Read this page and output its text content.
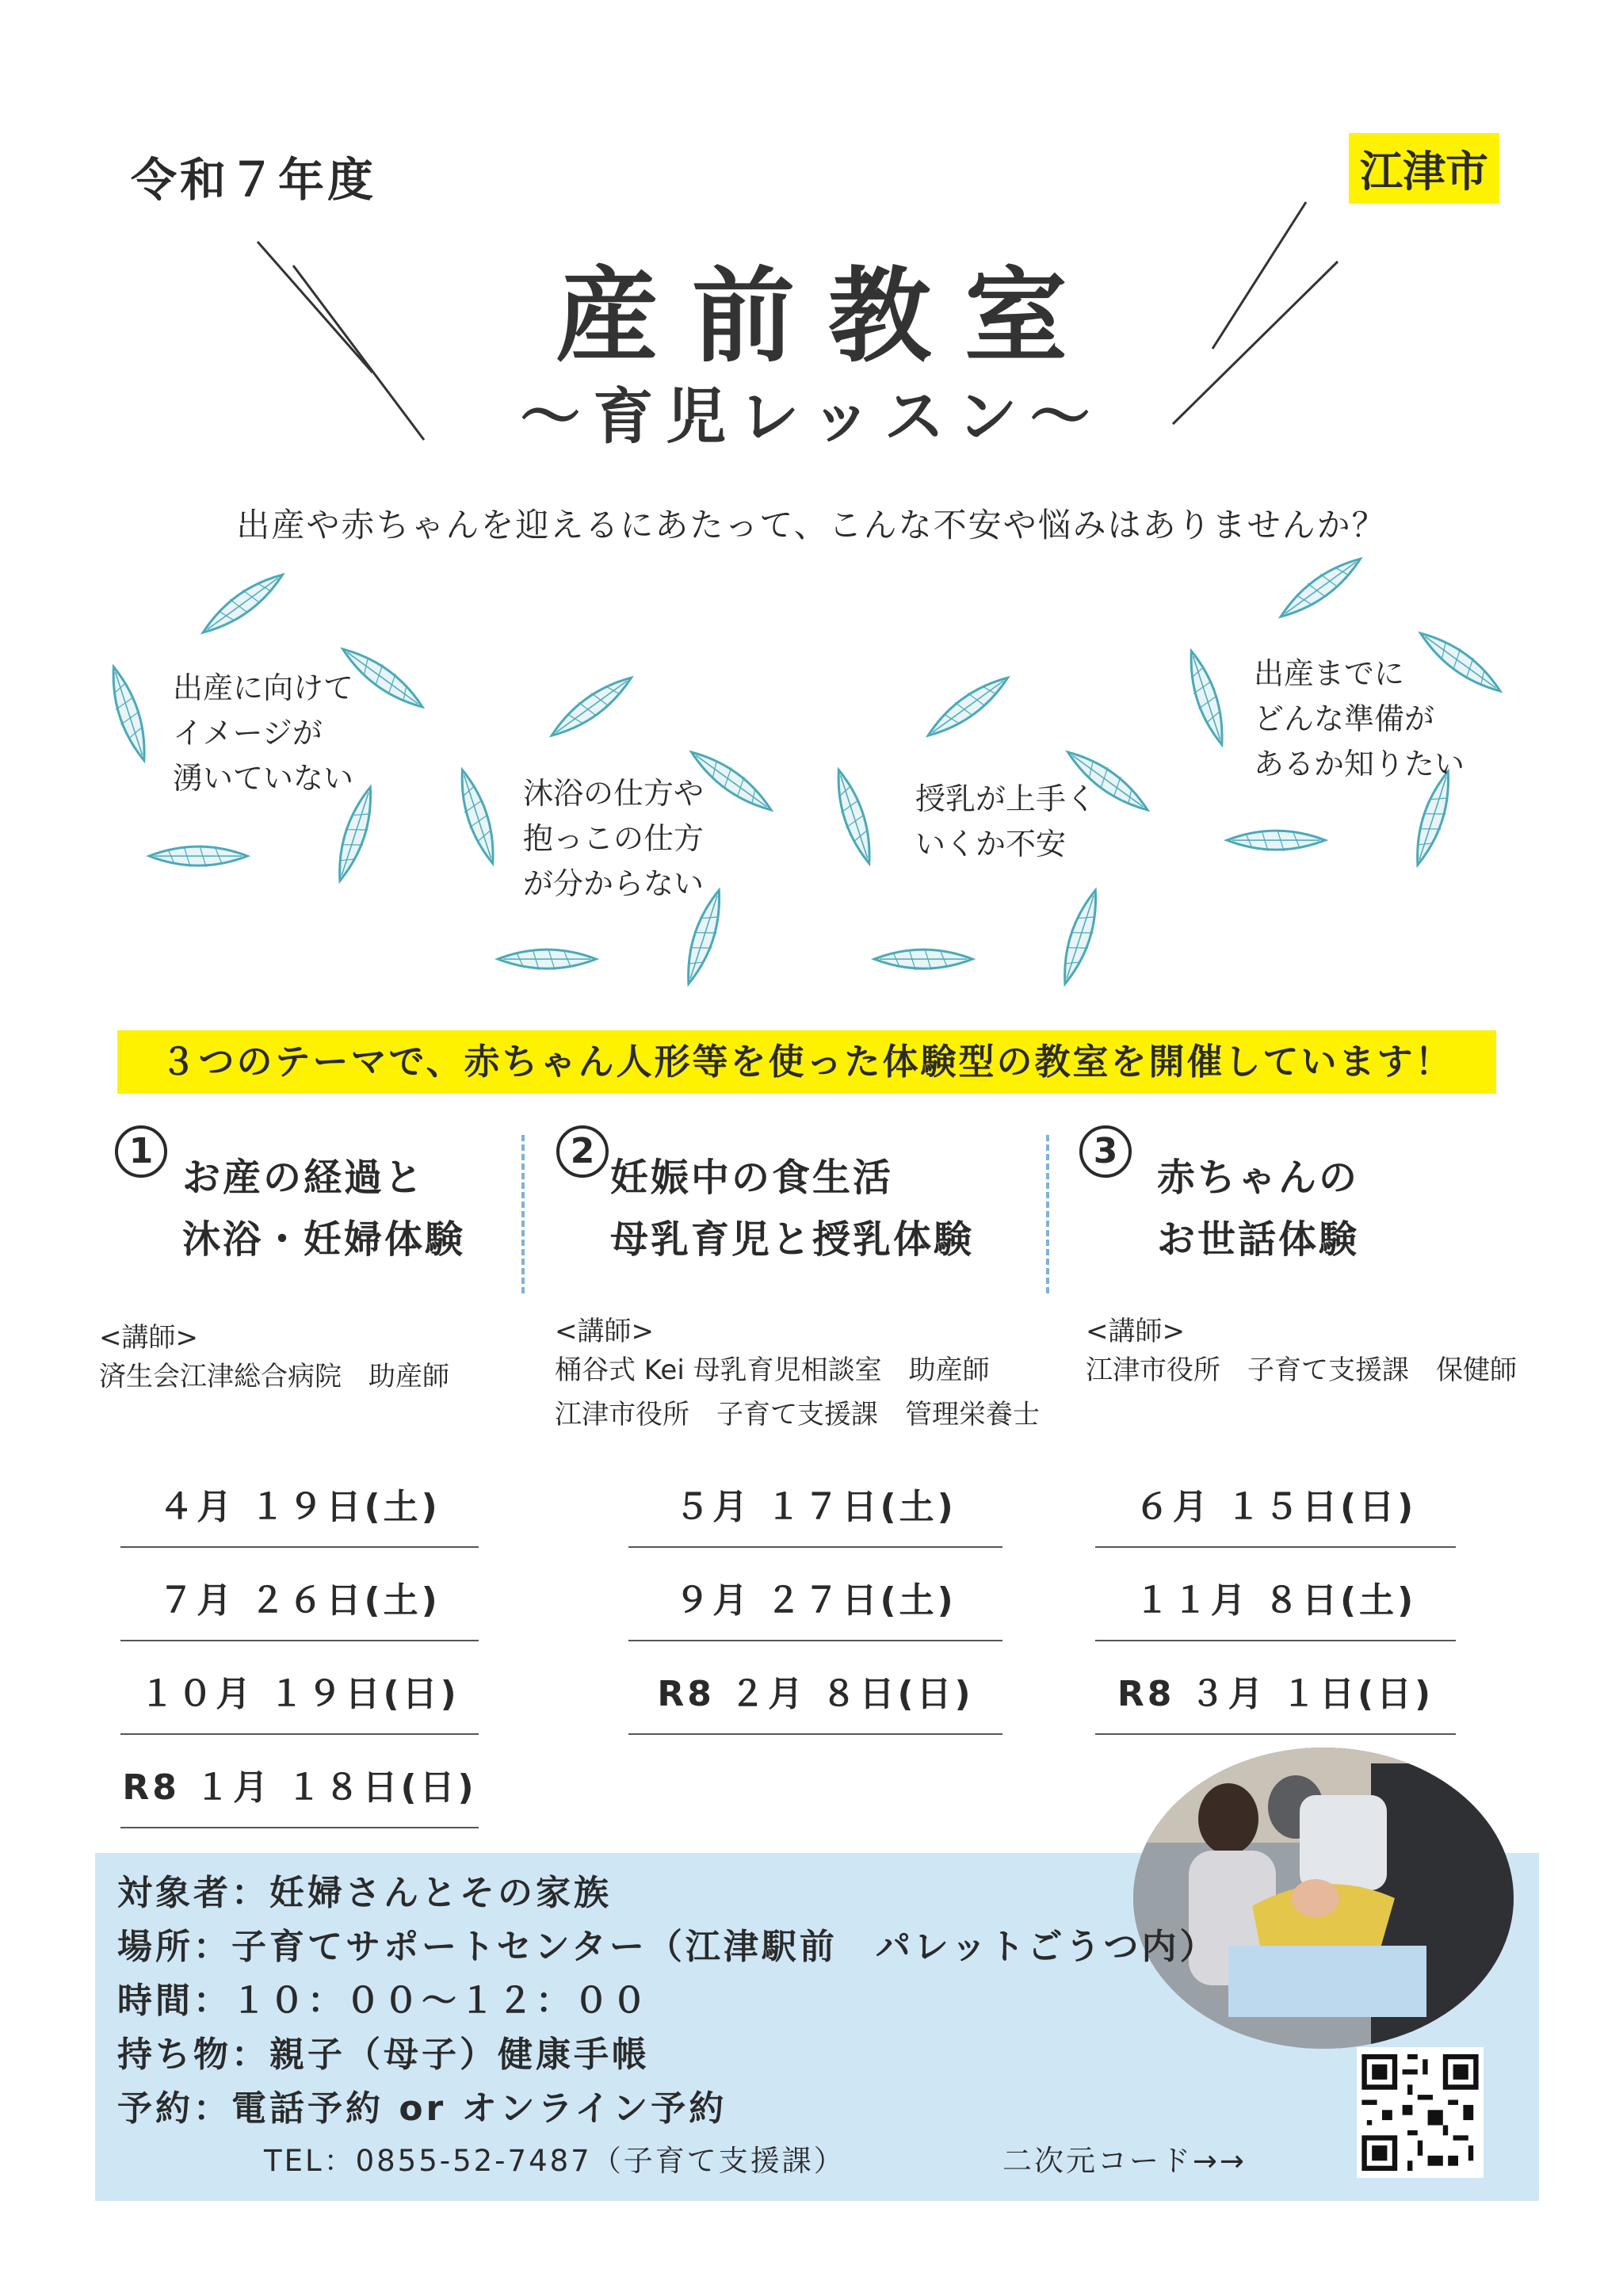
令和７年度	江津市
産前教室
～育児レッスン～
出産や赤ちゃんを迎えるにあたって、こんな不安や悩みはありませんか？
出産に向けて
イメージが
湧いていない	沐浴の仕方や
抱っこの仕方
が分からない
授乳が上手く
いくか不安
出産までに
どんな準備が
あるか知りたい
３つのテーマで、赤ちゃん人形等を使った体験型の教室を開催しています！
1
お産の経過と
沐浴・妊婦体験
2
妊娠中の食生活
母乳育児と授乳体験
3
赤ちゃんの
お世話体験
<講師>
済生会江津総合病院　助産師
<講師>
桶谷式 Kei 母乳育児相談室　助産師
江津市役所　子育て支援課　管理栄養士
<講師>
江津市役所　子育て支援課　保健師
４月 １９日(土)
７月 ２６日(土)
１０月 １９日(日)
R8 １月 １８日(日)
５月 １７日(土)
９月 ２７日(土)
R8 ２月 ８日(日)
６月 １５日(日)
１１月 ８日(土)
R8 ３月 １日(日)
対象者：妊婦さんとその家族
場所：子育てサポートセンター（江津駅前　パレットごうつ内）
時間：１０：００～１２：００
持ち物：親子（母子）健康手帳
予約：電話予約 or オンライン予約
TEL：0855-52-7487（子育て支援課）	二次元コード→→
